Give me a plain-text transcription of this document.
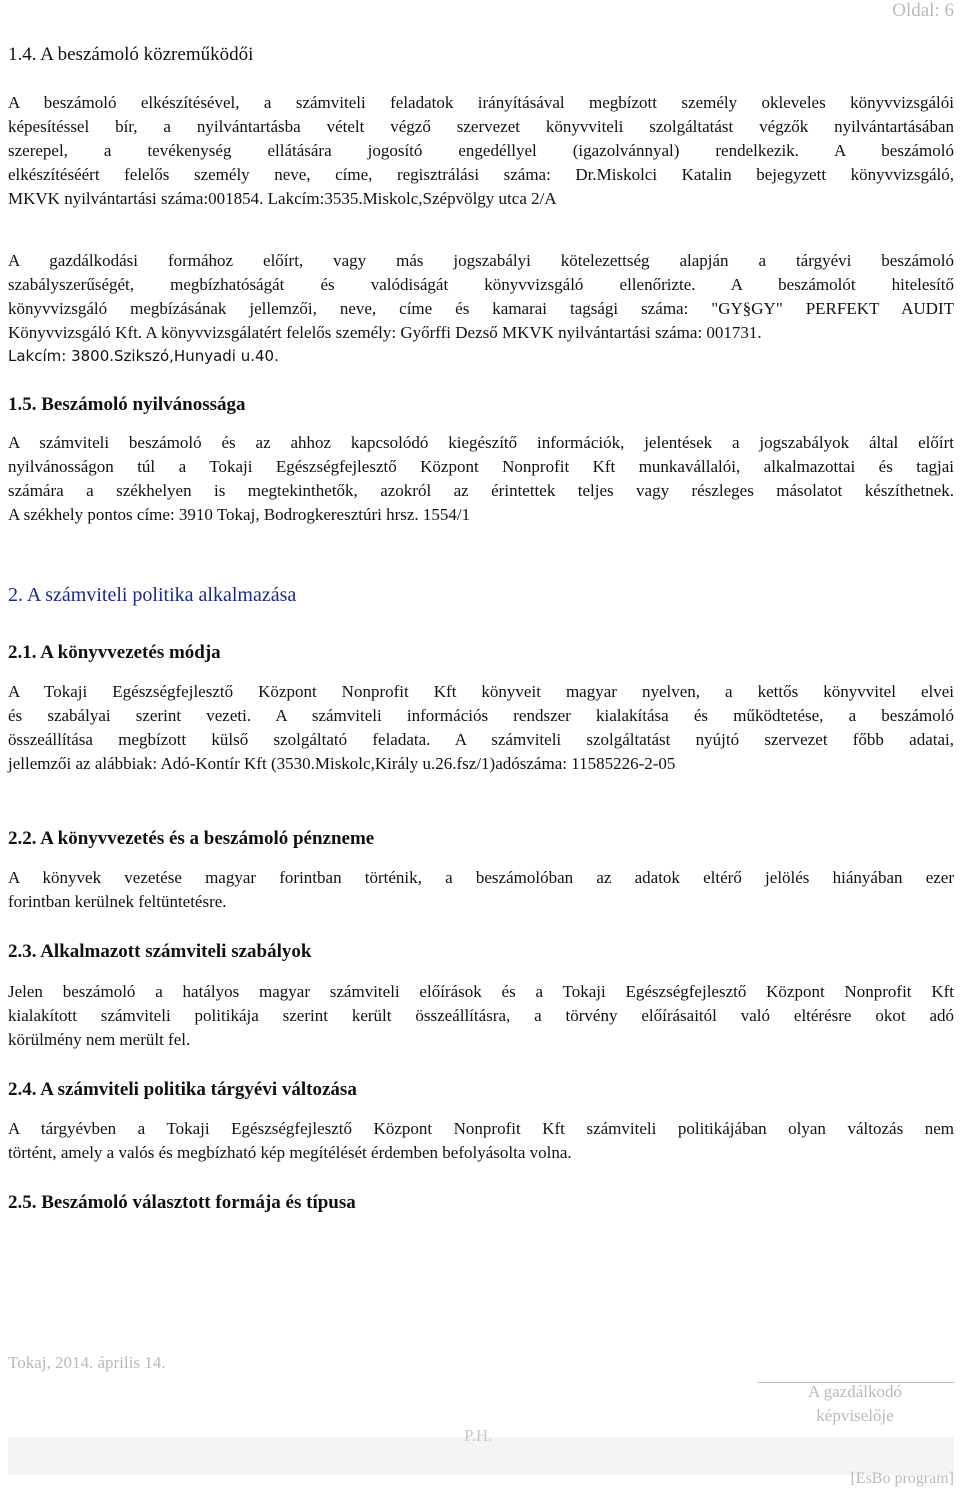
Oldal: 6
1.4. A beszámoló közreműködői

A beszámoló elkészítésével, a számviteli feladatok irányításával megbízott személy okleveles könyvvizsgálói

képesítéssel bír, a nyilvántartásba vételt végző szervezet könyvviteli szolgáltatást végzők nyilvántartásában

szerepel, a tevékenység ellátására jogosító engedéllyel (igazolvánnyal) rendelkezik. A beszámoló

elkészítéséért felelős személy neve, címe, regisztrálási száma: Dr.Miskolci Katalin bejegyzett könyvvizsgáló,

MKVK nyilvántartási száma:001854. Lakcím:3535.Miskolc,Szépvölgy utca 2/A

A gazdálkodási formához előírt, vagy más jogszabályi kötelezettség alapján a tárgyévi beszámoló

szabályszerűségét, megbízhatóságát és valódiságát könyvvizsgáló ellenőrizte. A beszámolót hitelesítő

könyvvizsgáló megbízásának jellemzői, neve, címe és kamarai tagsági száma: "GY§GY" PERFEKT AUDIT

Könyvvizsgáló Kft. A könyvvizsgálatért felelős személy: Győrffi Dezső MKVK nyilvántartási száma: 001731.

Lakcím: 3800.Szikszó,Hunyadi u.40.

1.5. Beszámoló nyilvánossága

A számviteli beszámoló és az ahhoz kapcsolódó kiegészítő információk, jelentések a jogszabályok által előírt

nyilvánosságon túl a Tokaji Egészségfejlesztő Központ Nonprofit Kft munkavállalói, alkalmazottai és tagjai

számára a székhelyen is megtekinthetők, azokról az érintettek teljes vagy részleges másolatot készíthetnek.

A székhely pontos címe: 3910 Tokaj, Bodrogkeresztúri hrsz. 1554/1

2. A számviteli politika alkalmazása
2.1. A könyvvezetés módja

A Tokaji Egészségfejlesztő Központ Nonprofit Kft könyveit magyar nyelven, a kettős könyvvitel elvei

és szabályai szerint vezeti. A számviteli információs rendszer kialakítása és működtetése, a beszámoló

összeállítása megbízott külső szolgáltató feladata. A számviteli szolgáltatást nyújtó szervezet főbb adatai,

jellemzői az alábbiak: Adó-Kontír Kft (3530.Miskolc,Király u.26.fsz/1)adószáma: 11585226-2-05

2.2. A könyvvezetés és a beszámoló pénzneme

A könyvek vezetése magyar forintban történik, a beszámolóban az adatok eltérő jelölés hiányában ezer

forintban kerülnek feltüntetésre.

2.3. Alkalmazott számviteli szabályok

Jelen beszámoló a hatályos magyar számviteli előírások és a Tokaji Egészségfejlesztő Központ Nonprofit Kft

kialakított számviteli politikája szerint került összeállításra, a törvény előírásaitól való eltérésre okot adó

körülmény nem merült fel.

2.4. A számviteli politika tárgyévi változása

A tárgyévben a Tokaji Egészségfejlesztő Központ Nonprofit Kft számviteli politikájában olyan változás nem

történt, amely a valós és megbízható kép megítélését érdemben befolyásolta volna.

2.5. Beszámoló választott formája és típusa
Tokaj, 2014. április 14.
A gazdálkodó képviselője
P.H.
[EsBo program]
